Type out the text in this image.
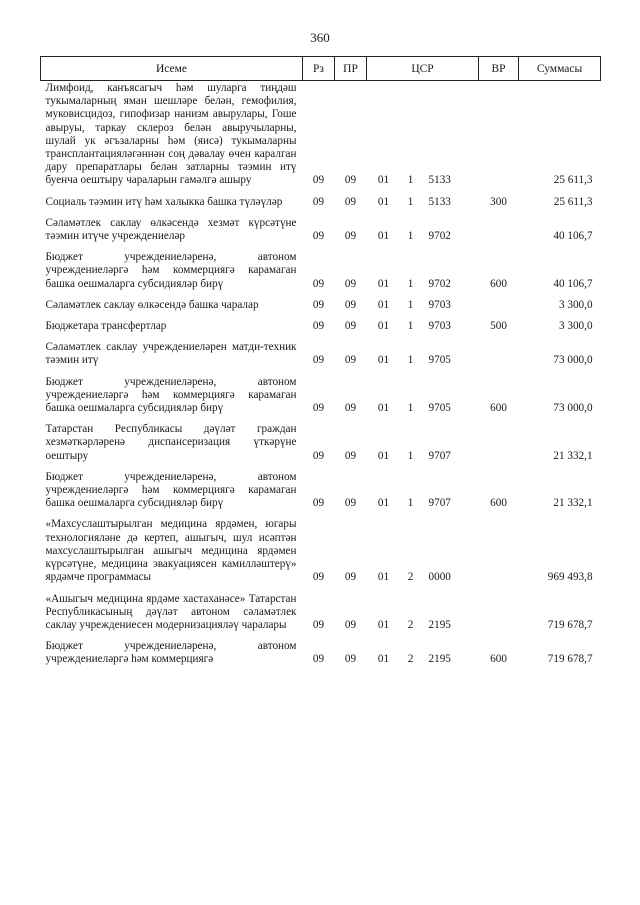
360
Исеме	Рз	ПР	ЦСР			ВР	Суммасы
Лимфоид, канъясагыч һәм шуларга тиңдәш тукымаларның яман шешләре белән, гемофилия, муковисцидоз, гипофизар нанизм авырулары, Гоше авыруы, таркау склероз белән авыручыларны, шулай ук әгъзаларны һәм (яисә) тукымаларны трансплантацияләгәннән соң дәвалау өчен каралган дару препаратлары белән затларны тәэмин итү буенча оештыру чараларын гамәлгә ашыру	09	09	01	1	5133		25 611,3
Социаль тәэмин итү һәм халыкка башка түләүләр	09	09	01	1	5133	300	25 611,3
Сәламәтлек саклау өлкәсендә хезмәт күрсәтүне тәэмин итүче учреждениеләр	09	09	01	1	9702		40 106,7
Бюджет учреждениеләренә, автоном учреждениеләргә һәм коммерциягә карамаган башка оешмаларга субсидияләр бирү	09	09	01	1	9702	600	40 106,7
Сәламәтлек саклау өлкәсендә башка чаралар	09	09	01	1	9703		3 300,0
Бюджетара трансфертлар	09	09	01	1	9703	500	3 300,0
Сәламәтлек саклау учреждениеләрен матди-техник тәэмин итү	09	09	01	1	9705		73 000,0
Бюджет учреждениеләренә, автоном учреждениеләргә һәм коммерциягә карамаган башка оешмаларга субсидияләр бирү	09	09	01	1	9705	600	73 000,0
Татарстан Республикасы дәүләт граждан хезмәткәрләренә диспансеризация үткәрүне оештыру	09	09	01	1	9707		21 332,1
Бюджет учреждениеләренә, автоном учреждениеләргә һәм коммерциягә карамаган башка оешмаларга субсидияләр бирү	09	09	01	1	9707	600	21 332,1
«Махсуслаштырылган медицина ярдәмен, югары технологияләне дә кертеп, ашыгыч, шул исәптән махсуслаштырылган ашыгыч медицина ярдәмен күрсәтүне, медицина эвакуациясен камилләштерү» ярдәмче программасы	09	09	01	2	0000		969 493,8
«Ашыгыч медицина ярдәме хастаханәсе» Татарстан Республикасының дәүләт автоном сәламәтлек саклау учреждениесен модернизацияләү чаралары	09	09	01	2	2195		719 678,7
Бюджет учреждениеләренә, автоном учреждениеләргә һәм коммерциягә	09	09	01	2	2195	600	719 678,7
